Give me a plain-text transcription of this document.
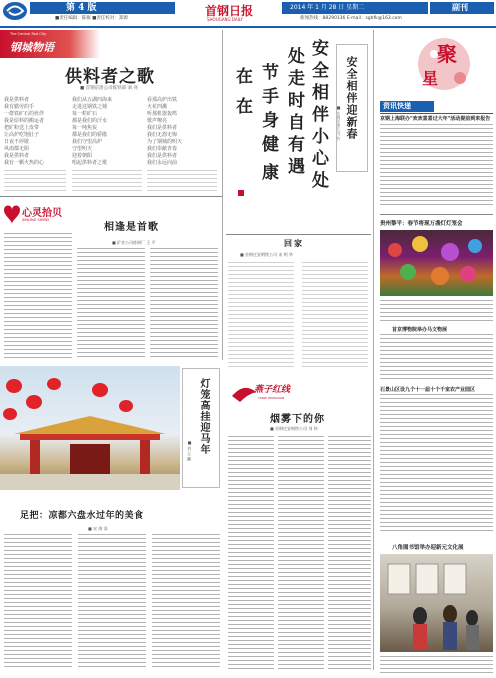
第 4 版
■责任编辑：陈雁 ■责任校对：郑源
首钢日报
SHOUGANG DAILY
2014 年 1 月 28 日 星期二
新闻热线：88290136 E-mail：sgbfk@163.com
副刊
The Central Red City
钢城物语
供料者之歌
■ 首钢京唐公司炼铁部 刘 亮
我是供料者
我有勤劳的手
一群铁矿石的伙伴
我是原料的搬运者
把矿粉送上皮带
让高炉吃饱肚子
日夜不停歇
风雨都无阻
我是供料者
我有一颗火热的心
我们从五湖四海来
走进这钢铁之城
每一粒矿石
都是我们的汗水
每一吨焦炭
都是我们的骄傲
我们守望高炉
守望明天
迎着朝阳
唱起供料者之歌
看那高炉出铁
火花四溅
听那机器轰鸣
歌声嘹亮
我们是供料者
我们无怨无悔
为了钢城的明天
我们奉献青春
我们是供料者
我们永远向前
安
全
相
伴
小
心
处
处
走
时
自
有
遇
节
手
身
健
康
在
在	安全相伴迎新春
■ 首钢京唐公司 书
聚
星
资讯快递
京钢上海联办"欢欢喜喜过大年"活动提前到来报告
贵州黎平：春节将现万盏灯灯笼会
首京博物院举办马文物展
石景山区设九个十一届十个千室农产业园区
八角图书馆举办迎新元文化展
心灵拾贝
XINLING SHIBEI
相逢是首歌
■ 矿业公司炼钢厂 王 平
灯笼高挂迎马年
■ 刘 玉 鹏
足把：凉都六盘水过年的美食
■ 宋 海 涛
回家
■ 首钢迁安钢铁公司 宋 明 华
燕子红线
YANZI HONGXIAN
烟雾下的你
■ 首钢迁安钢铁公司 刘 伟
